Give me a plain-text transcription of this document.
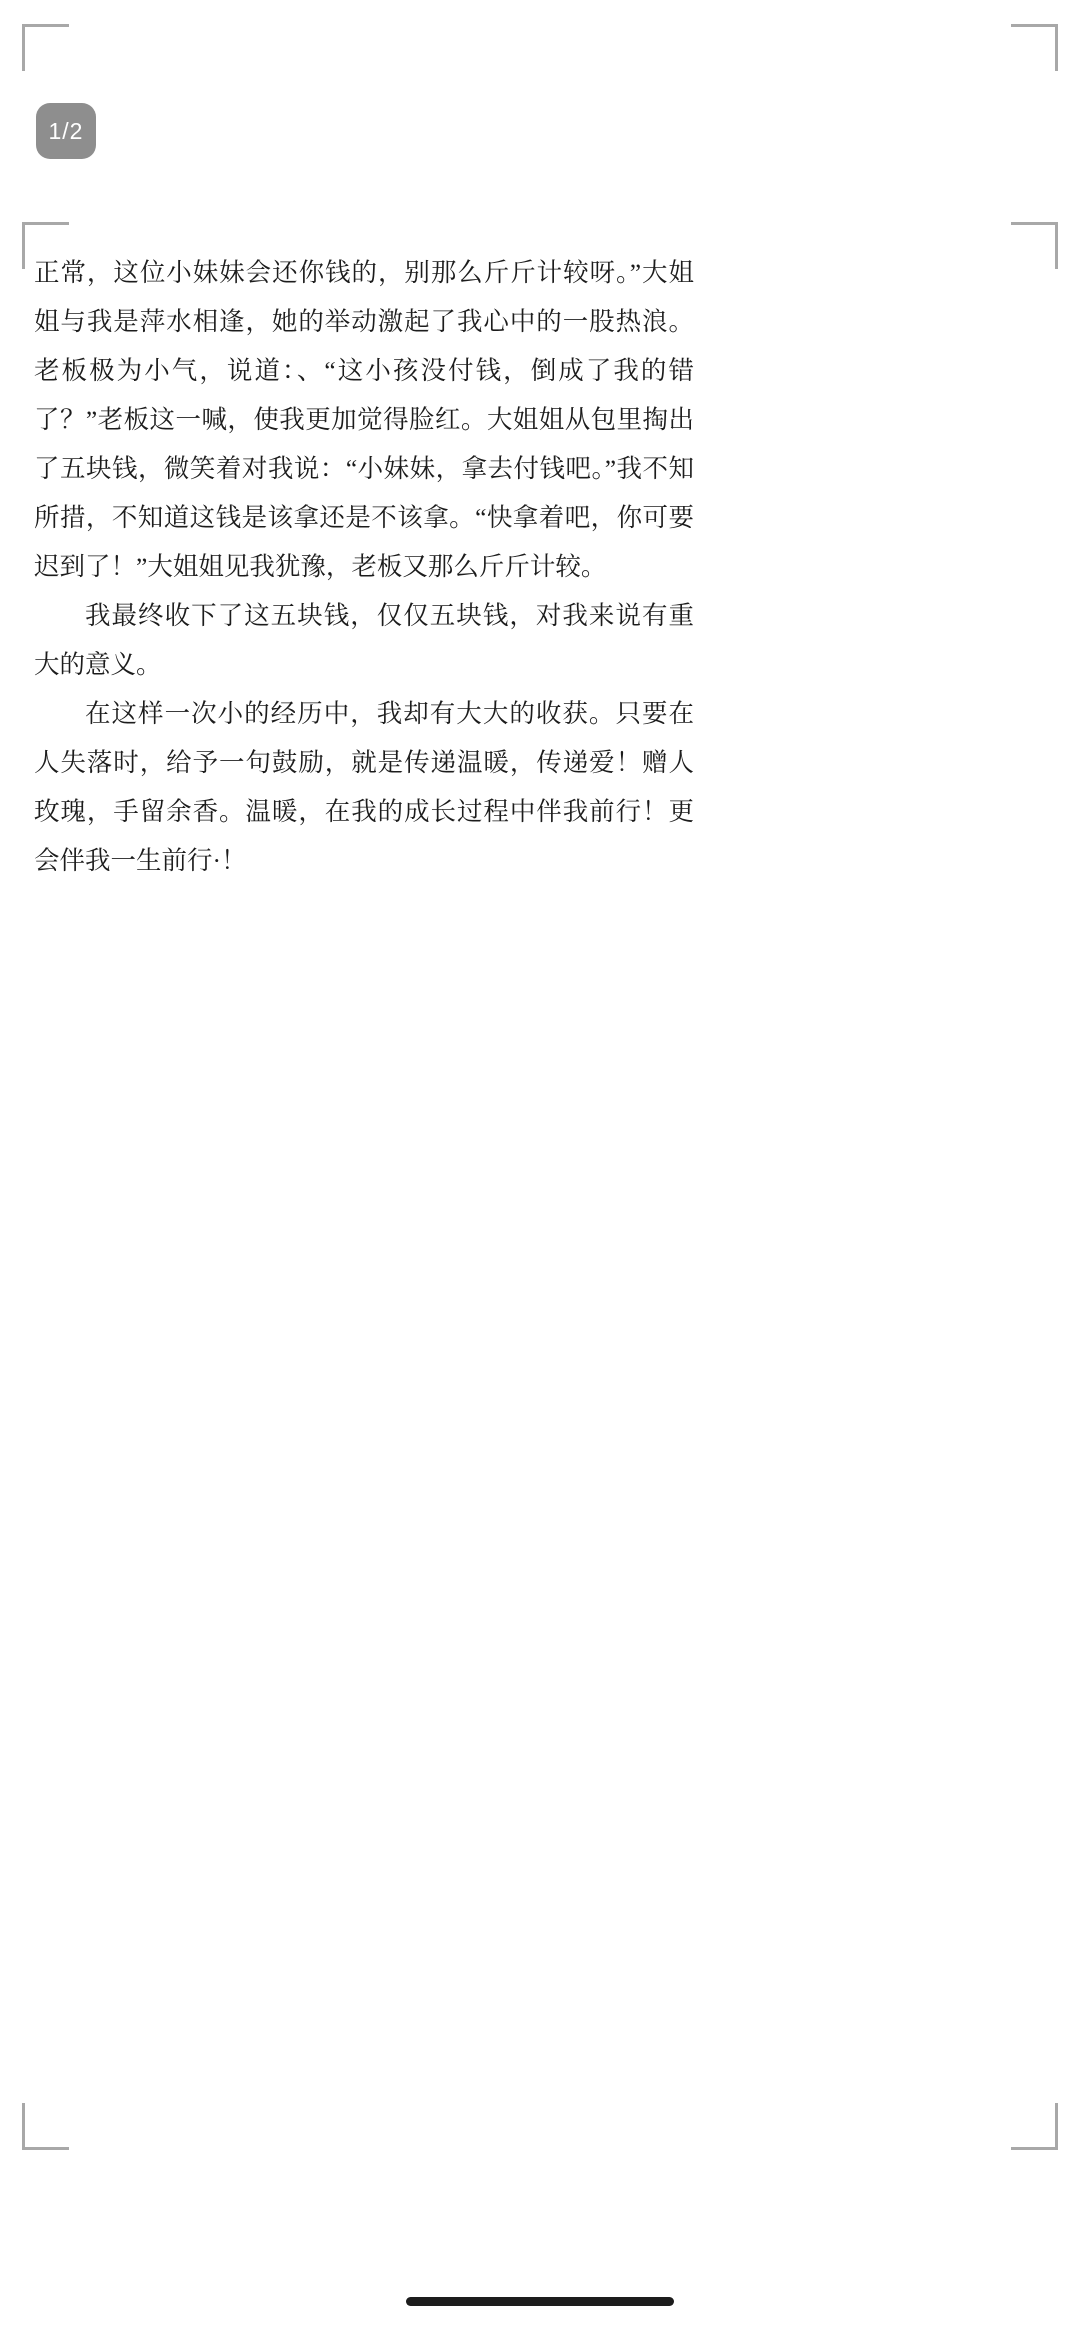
1/2

正常，这位小妹妹会还你钱的，别那么斤斤计较呀。”大姐姐与我是萍水相逢，她的举动激起了我心中的一股热浪。老板极为小气，说道：、“这小孩没付钱，倒成了我的错了？”老板这一喊，使我更加觉得脸红。大姐姐从包里掏出了五块钱，微笑着对我说：“小妹妹，拿去付钱吧。”我不知所措，不知道这钱是该拿还是不该拿。“快拿着吧，你可要迟到了！”大姐姐见我犹豫，老板又那么斤斤计较。

我最终收下了这五块钱，仅仅五块钱，对我来说有重大的意义。

在这样一次小的经历中，我却有大大的收获。只要在人失落时，给予一句鼓励，就是传递温暖，传递爱！赠人玫瑰，手留余香。温暖，在我的成长过程中伴我前行！更会伴我一生前行·！
